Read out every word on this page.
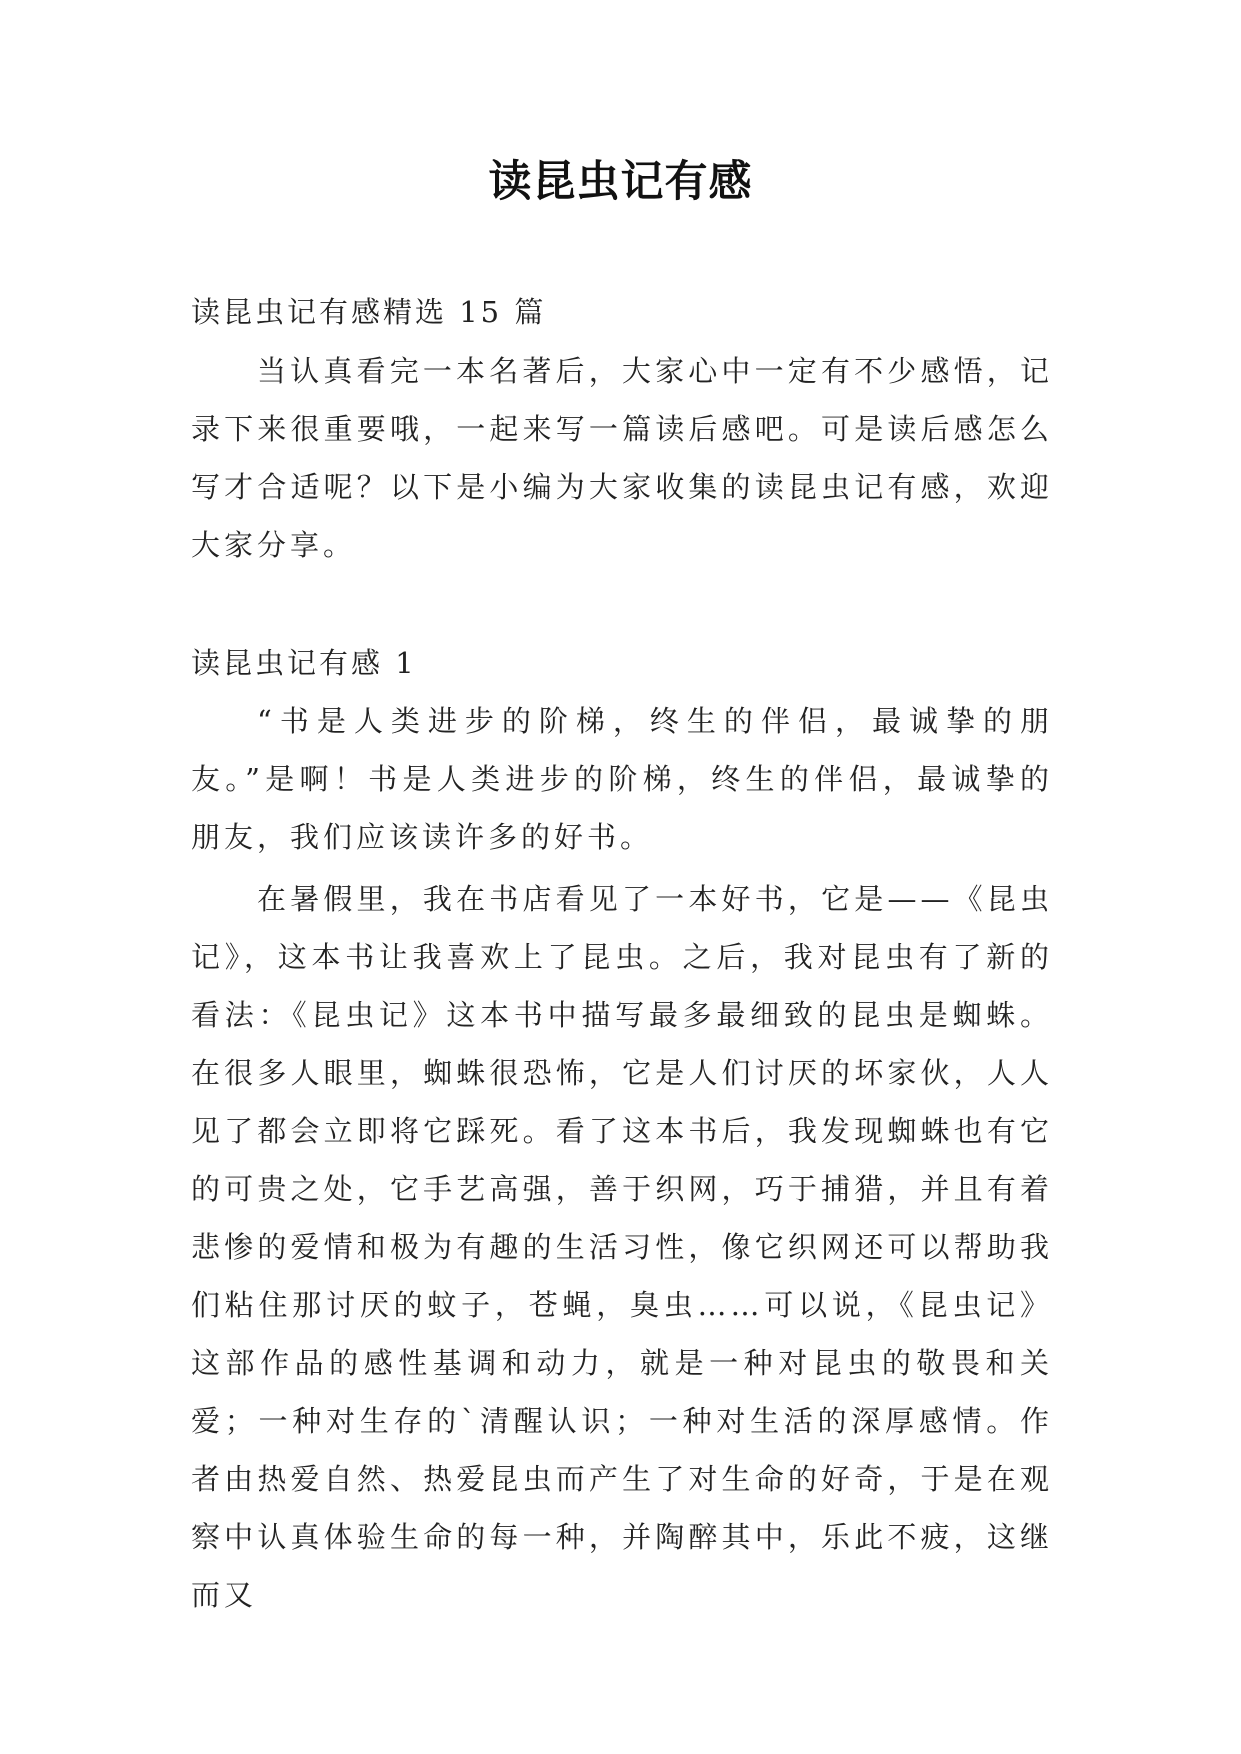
读昆虫记有感
读昆虫记有感精选 15 篇
当认真看完一本名著后，大家心中一定有不少感悟，记录下来很重要哦，一起来写一篇读后感吧。可是读后感怎么写才合适呢？以下是小编为大家收集的读昆虫记有感，欢迎大家分享。
读昆虫记有感 1
“书是人类进步的阶梯，终生的伴侣，最诚挚的朋友。”是啊！书是人类进步的阶梯，终生的伴侣，最诚挚的朋友，我们应该读许多的好书。
在暑假里，我在书店看见了一本好书，它是——《昆虫记》，这本书让我喜欢上了昆虫。之后，我对昆虫有了新的看法：《昆虫记》这本书中描写最多最细致的昆虫是蜘蛛。在很多人眼里，蜘蛛很恐怖，它是人们讨厌的坏家伙，人人见了都会立即将它踩死。看了这本书后，我发现蜘蛛也有它的可贵之处，它手艺高强，善于织网，巧于捕猎，并且有着悲惨的爱情和极为有趣的生活习性，像它织网还可以帮助我们粘住那讨厌的蚊子，苍蝇，臭虫……可以说，《昆虫记》这部作品的感性基调和动力，就是一种对昆虫的敬畏和关爱；一种对生存的`清醒认识；一种对生活的深厚感情。作者由热爱自然、热爱昆虫而产生了对生命的好奇，于是在观察中认真体验生命的每一种，并陶醉其中，乐此不疲，这继而又
